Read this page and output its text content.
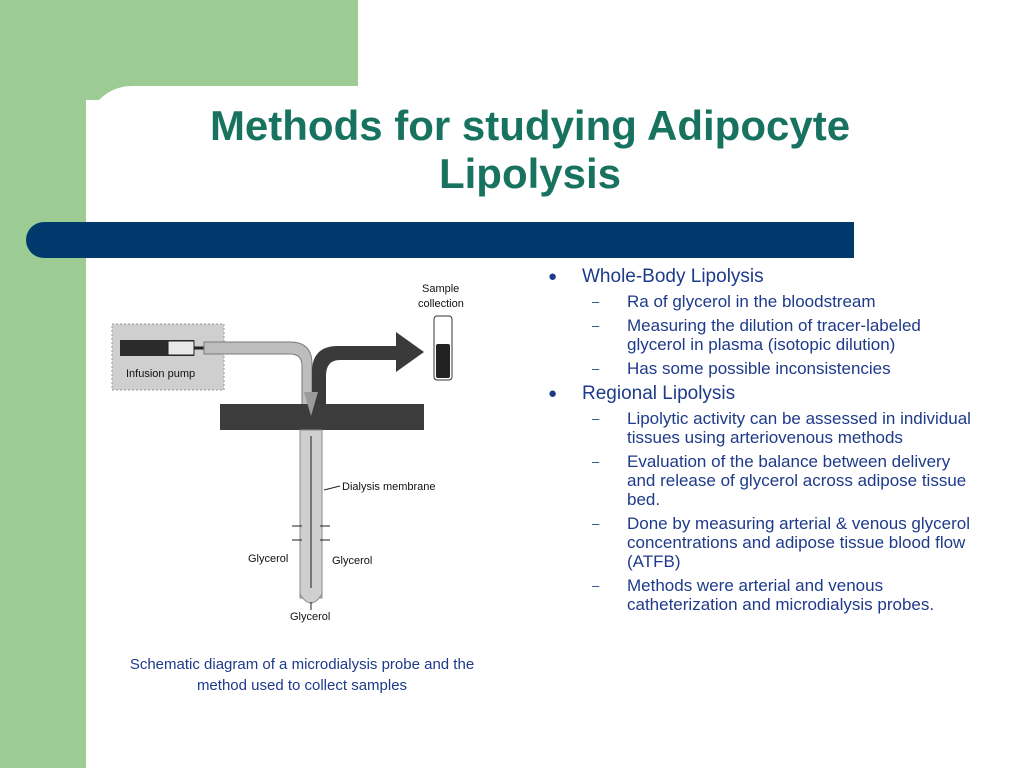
Methods for studying Adipocyte Lipolysis
Infusion pump
Sample
collection
Dialysis membrane
Glycerol	Glycerol
Glycerol
Schematic diagram of a microdialysis probe and the method used to collect samples
● Whole-Body Lipolysis
– Ra of glycerol in the bloodstream
– Measuring the dilution of tracer-labeled glycerol in plasma (isotopic dilution)
– Has some possible inconsistencies
● Regional Lipolysis
– Lipolytic activity can be assessed in individual tissues using arteriovenous methods
– Evaluation of the balance between delivery and release of glycerol across adipose tissue bed.
– Done by measuring arterial & venous glycerol concentrations and adipose tissue blood flow (ATFB)
– Methods were arterial and venous catheterization and microdialysis probes.
